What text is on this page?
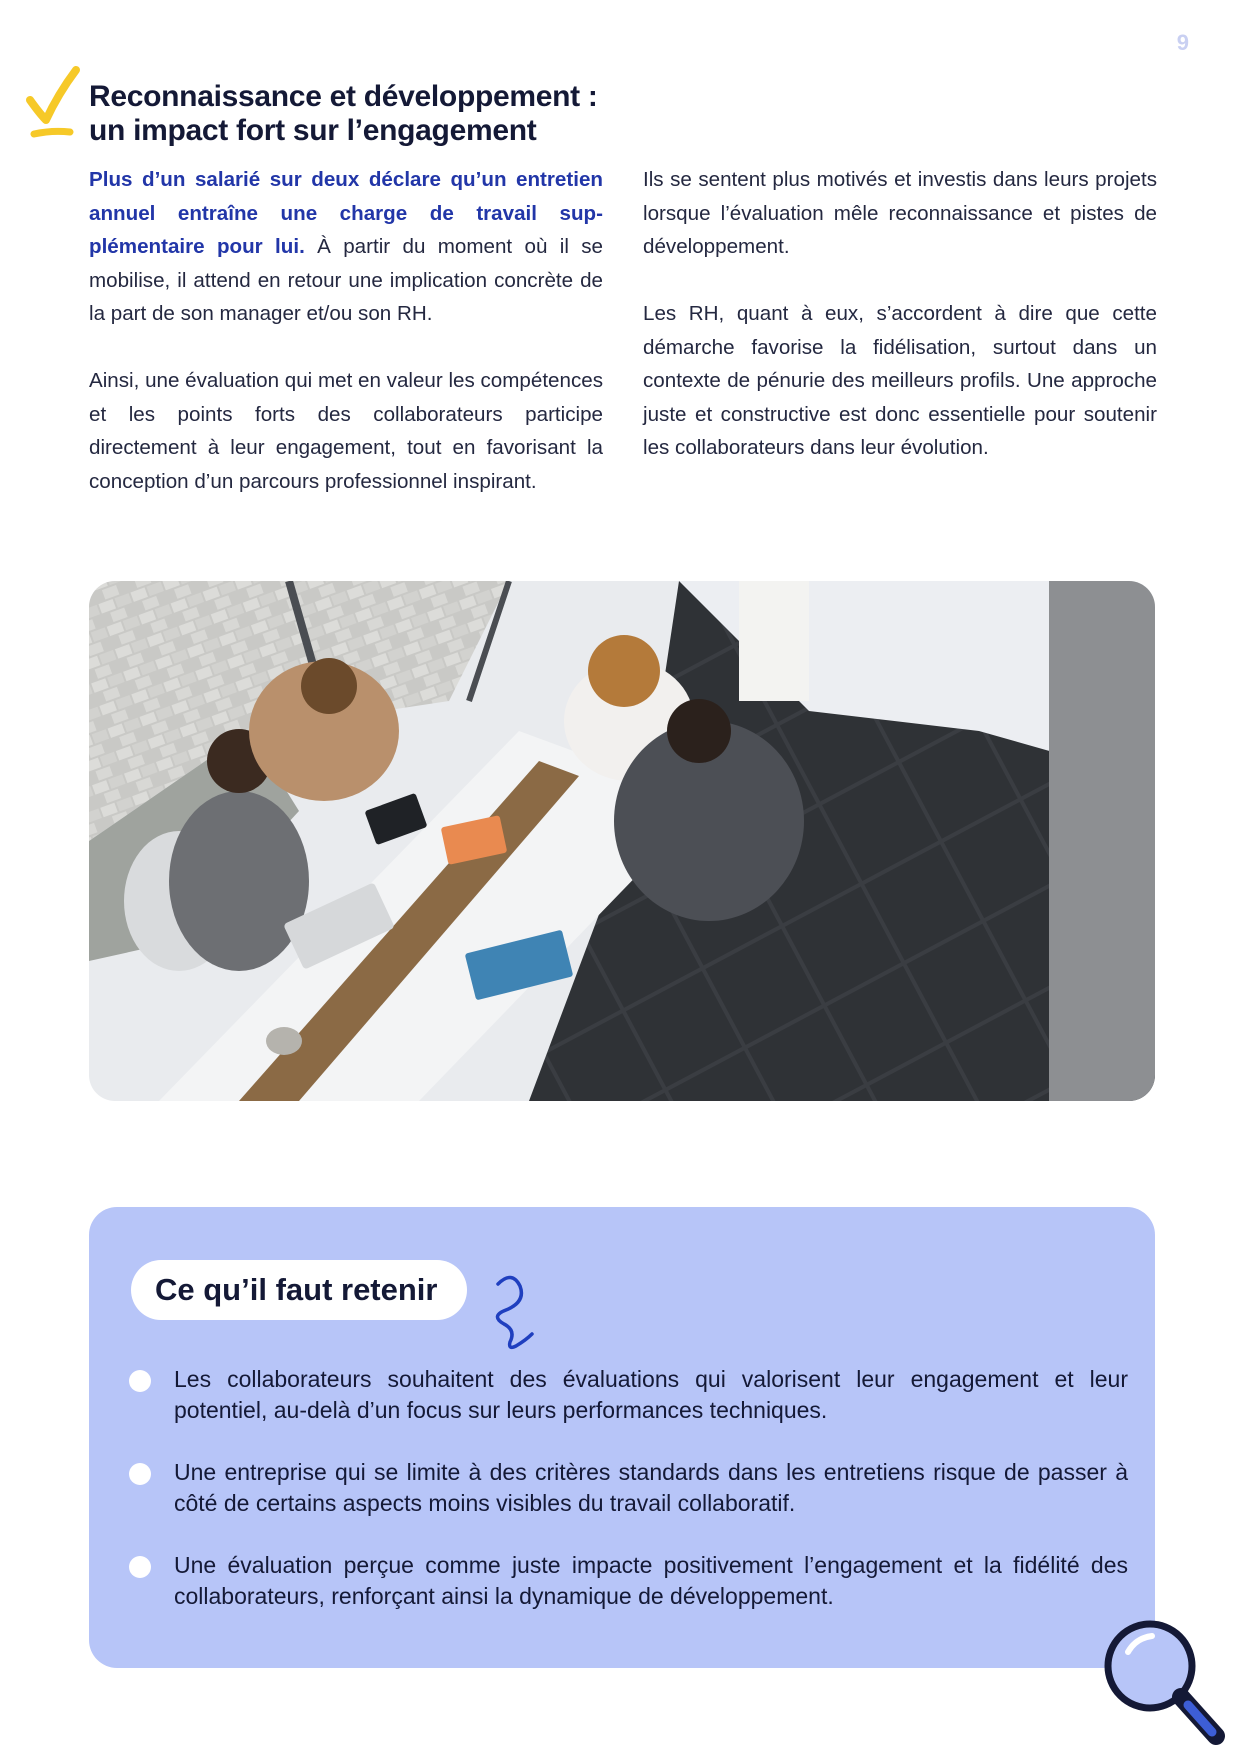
9
Reconnaissance et développement :
un impact fort sur l’engagement

Plus d’un salarié sur deux déclare qu’un entretien annuel entraîne une charge de travail supplémentaire pour lui. À partir du moment où il se mobilise, il attend en retour une implication concrète de la part de son manager et/ou son RH.

Ainsi, une évaluation qui met en valeur les compétences et les points forts des collaborateurs participe directement à leur engagement, tout en favorisant la conception d’un parcours professionnel inspirant.

Ils se sentent plus motivés et investis dans leurs projets lorsque l’évaluation mêle reconnaissance et pistes de développement.

Les RH, quant à eux, s’accordent à dire que cette démarche favorise la fidélisation, surtout dans un contexte de pénurie des meilleurs profils. Une approche juste et constructive est donc essentielle pour soutenir les collaborateurs dans leur évolution.

Ce qu’il faut retenir
Les collaborateurs souhaitent des évaluations qui valorisent leur engagement et leur potentiel, au-delà d’un focus sur leurs performances techniques.
Une entreprise qui se limite à des critères standards dans les entretiens risque de passer à côté de certains aspects moins visibles du travail collaboratif.
Une évaluation perçue comme juste impacte positivement l’engagement et la fidélité des collaborateurs, renforçant ainsi la dynamique de développement.
